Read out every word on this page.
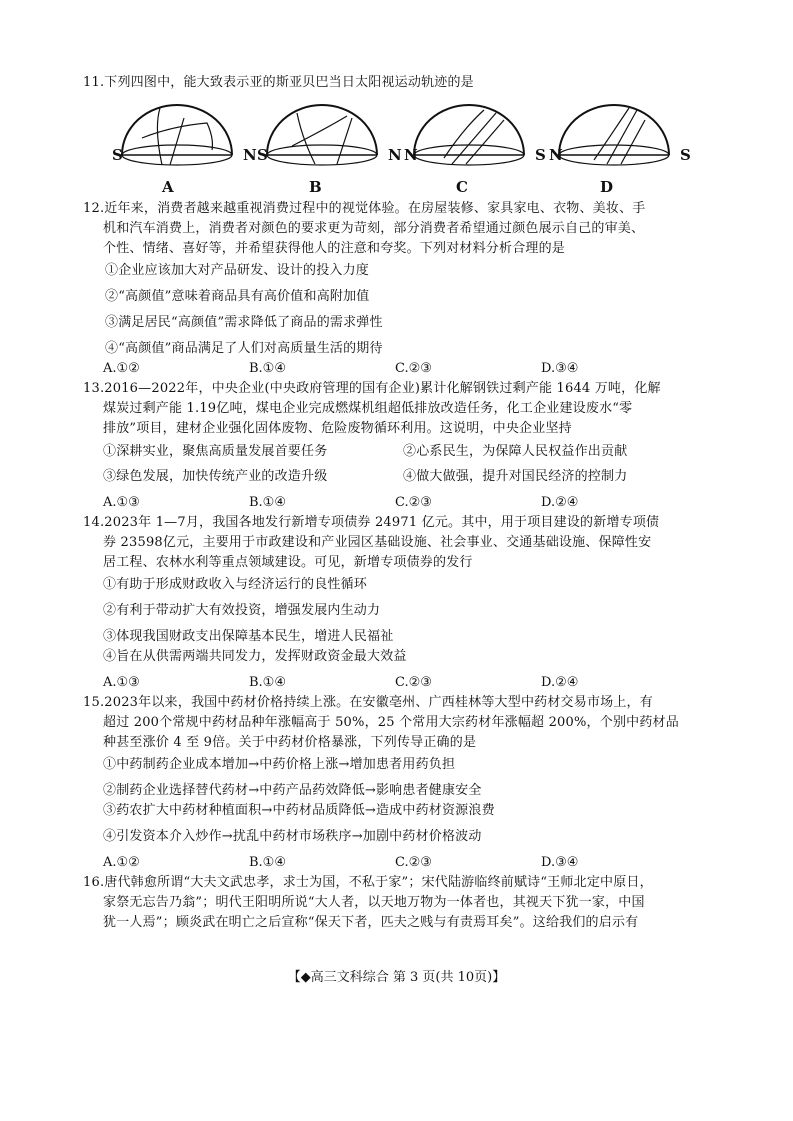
11.下列四图中，能大致表示亚的斯亚贝巴当日太阳视运动轨迹的是
S	N
A
S	N
B
N	S
C
N	S
D
12.近年来，消费者越来越重视消费过程中的视觉体验。在房屋装修、家具家电、衣物、美妆、手
机和汽车消费上，消费者对颜色的要求更为苛刻，部分消费者希望通过颜色展示自己的审美、
个性、情绪、喜好等，并希望获得他人的注意和夸奖。下列对材料分析合理的是
①企业应该加大对产品研发、设计的投入力度
②“高颜值”意味着商品具有高价值和高附加值
③满足居民“高颜值”需求降低了商品的需求弹性
④“高颜值”商品满足了人们对高质量生活的期待
A.①②	B.①④	C.②③	D.③④
13.2016—2022年，中央企业(中央政府管理的国有企业)累计化解钢铁过剩产能 1644 万吨，化解
煤炭过剩产能 1.19亿吨，煤电企业完成燃煤机组超低排放改造任务，化工企业建设废水“零
排放”项目，建材企业强化固体废物、危险废物循环利用。这说明，中央企业坚持
①深耕实业，聚焦高质量发展首要任务	②心系民生，为保障人民权益作出贡献
③绿色发展，加快传统产业的改造升级	④做大做强，提升对国民经济的控制力
A.①③	B.①④	C.②③	D.②④
14.2023年 1—7月，我国各地发行新增专项债券 24971 亿元。其中，用于项目建设的新增专项债
券 23598亿元，主要用于市政建设和产业园区基础设施、社会事业、交通基础设施、保障性安
居工程、农林水利等重点领域建设。可见，新增专项债券的发行
①有助于形成财政收入与经济运行的良性循环
②有利于带动扩大有效投资，增强发展内生动力
③体现我国财政支出保障基本民生，增进人民福祉
④旨在从供需两端共同发力，发挥财政资金最大效益
A.①③	B.①④	C.②③	D.②④
15.2023年以来，我国中药材价格持续上涨。在安徽亳州、广西桂林等大型中药材交易市场上，有
超过 200个常规中药材品种年涨幅高于 50%，25 个常用大宗药材年涨幅超 200%，个别中药材品
种甚至涨价 4 至 9倍。关于中药材价格暴涨，下列传导正确的是
①中药制药企业成本增加→中药价格上涨→增加患者用药负担
②制药企业选择替代药材→中药产品药效降低→影响患者健康安全
③药农扩大中药材种植面积→中药材品质降低→造成中药材资源浪费
④引发资本介入炒作→扰乱中药材市场秩序→加剧中药材价格波动
A.①②	B.①④	C.②③	D.③④
16.唐代韩愈所谓“大夫文武忠孝，求士为国，不私于家”；宋代陆游临终前赋诗“王师北定中原日，
家祭无忘告乃翁”；明代王阳明所说“大人者，以天地万物为一体者也，其视天下犹一家，中国
犹一人焉”；顾炎武在明亡之后宣称“保天下者，匹夫之贱与有责焉耳矣”。这给我们的启示有
【◆高三文科综合 第 3 页(共 10页)】
